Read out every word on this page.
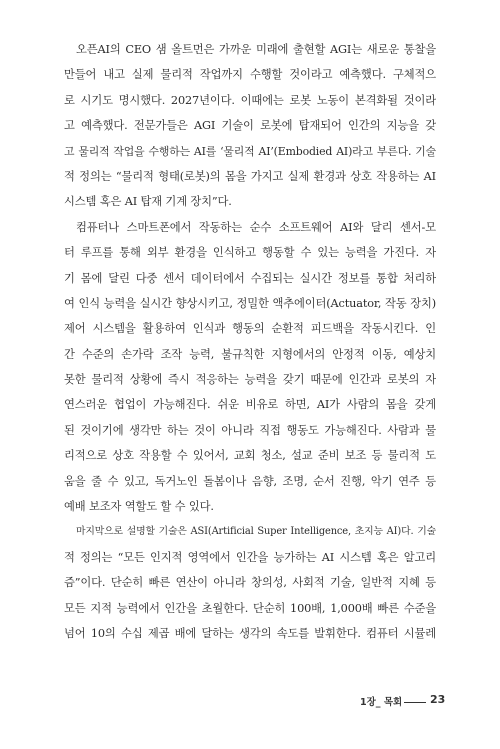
오픈AI의 CEO 샘 올트먼은 가까운 미래에 출현할 AGI는 새로운 통찰을
만들어 내고 실제 물리적 작업까지 수행할 것이라고 예측했다. 구체적으
로 시기도 명시했다. 2027년이다. 이때에는 로봇 노동이 본격화될 것이라
고 예측했다. 전문가들은 AGI 기술이 로봇에 탑재되어 인간의 지능을 갖
고 물리적 작업을 수행하는 AI를 ‘물리적 AI’(Embodied AI)라고 부른다. 기술
적 정의는 “물리적 형태(로봇)의 몸을 가지고 실제 환경과 상호 작용하는 AI
시스템 혹은 AI 탑재 기계 장치”다.
컴퓨터나 스마트폰에서 작동하는 순수 소프트웨어 AI와 달리 센서-모
터 루프를 통해 외부 환경을 인식하고 행동할 수 있는 능력을 가진다. 자
기 몸에 달린 다중 센서 데이터에서 수집되는 실시간 정보를 통합 처리하
여 인식 능력을 실시간 향상시키고, 정밀한 액추에이터(Actuator, 작동 장치)
제어 시스템을 활용하여 인식과 행동의 순환적 피드백을 작동시킨다. 인
간 수준의 손가락 조작 능력, 불규칙한 지형에서의 안정적 이동, 예상치
못한 물리적 상황에 즉시 적응하는 능력을 갖기 때문에 인간과 로봇의 자
연스러운 협업이 가능해진다. 쉬운 비유로 하면, AI가 사람의 몸을 갖게
된 것이기에 생각만 하는 것이 아니라 직접 행동도 가능해진다. 사람과 물
리적으로 상호 작용할 수 있어서, 교회 청소, 설교 준비 보조 등 물리적 도
움을 줄 수 있고, 독거노인 돌봄이나 음향, 조명, 순서 진행, 악기 연주 등
예배 보조자 역할도 할 수 있다.
마지막으로 설명할 기술은 ASI(Artificial Super Intelligence, 초지능 AI)다. 기술
적 정의는 “모든 인지적 영역에서 인간을 능가하는 AI 시스템 혹은 알고리
즘”이다. 단순히 빠른 연산이 아니라 창의성, 사회적 기술, 일반적 지혜 등
모든 지적 능력에서 인간을 초월한다. 단순히 100배, 1,000배 빠른 수준을
넘어 10의 수십 제곱 배에 달하는 생각의 속도를 발휘한다. 컴퓨터 시뮬레
1장_ 목회	23
